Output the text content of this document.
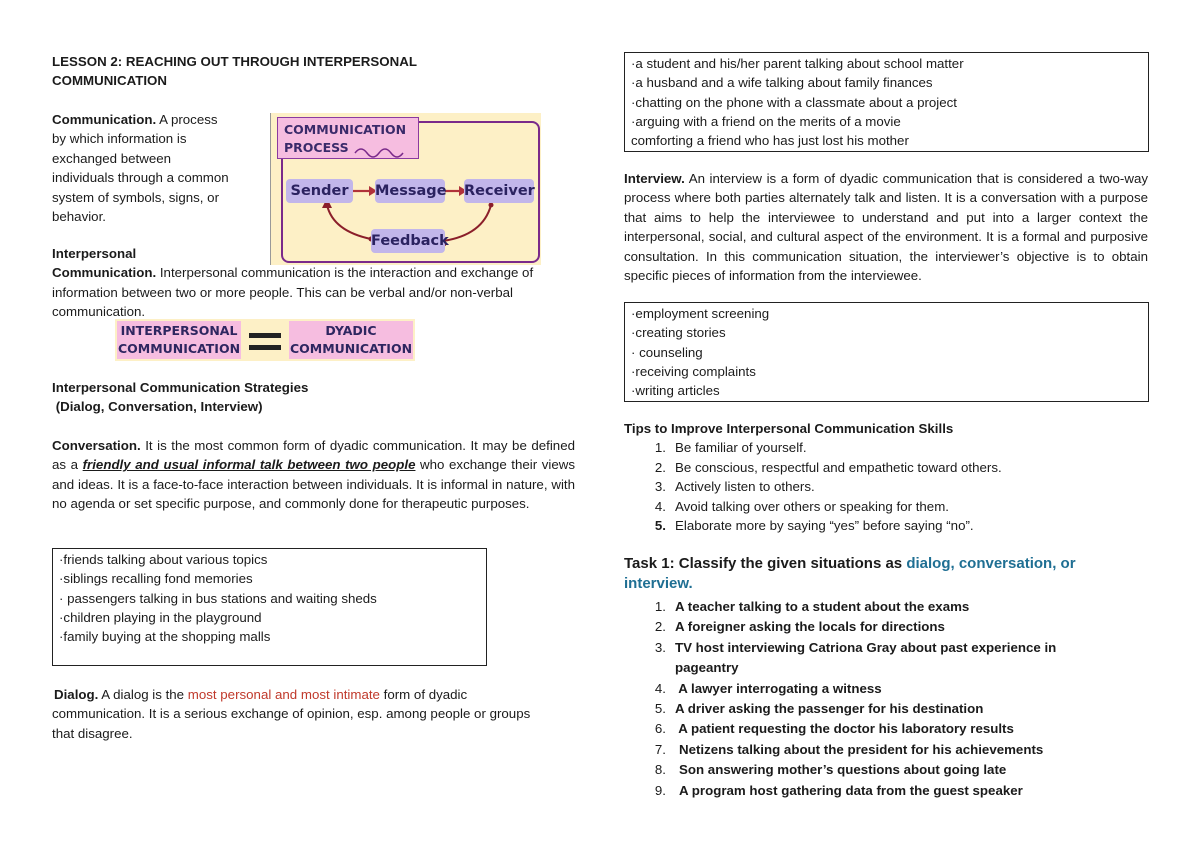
LESSON 2: REACHING OUT THROUGH INTERPERSONAL
COMMUNICATION
Communication. A process
by which information is
exchanged between
individuals through a common
system of symbols, signs, or
behavior.
COMMUNICATION
PROCESS
Sender	Message Receiver
Feedback
Interpersonal
Communication. Interpersonal communication is the interaction and exchange of information between two or more people. This can be verbal and/or non-verbal communication.
INTERPERSONAL
COMMUNICATION
DYADIC
COMMUNICATION
Interpersonal Communication Strategies
(Dialog, Conversation, Interview)
Conversation. It is the most common form of dyadic communication. It may be defined as a friendly and usual informal talk between two people who exchange their views and ideas. It is a face-to-face interaction between individuals. It is informal in nature, with no agenda or set specific purpose, and commonly done for therapeutic purposes.
·friends talking about various topics
·siblings recalling fond memories
· passengers talking in bus stations and waiting sheds
·children playing in the playground
·family buying at the shopping malls
Dialog. A dialog is the most personal and most intimate form of dyadic communication. It is a serious exchange of opinion, esp. among people or groups that disagree.
·a student and his/her parent talking about school matter
·a husband and a wife talking about family finances
·chatting on the phone with a classmate about a project
·arguing with a friend on the merits of a movie
comforting a friend who has just lost his mother
Interview. An interview is a form of dyadic communication that is considered a two-way process where both parties alternately talk and listen. It is a conversation with a purpose that aims to help the interviewee to understand and put into a larger context the interpersonal, social, and cultural aspect of the environment. It is a formal and purposive consultation. In this communication situation, the interviewer’s objective is to obtain specific pieces of information from the interviewee.
·employment screening
·creating stories
· counseling
·receiving complaints
·writing articles
Tips to Improve Interpersonal Communication Skills
1. Be familiar of yourself.
2. Be conscious, respectful and empathetic toward others.
3. Actively listen to others.
4. Avoid talking over others or speaking for them.
5. Elaborate more by saying “yes” before saying “no”.
Task 1: Classify the given situations as dialog, conversation, or interview.
1. A teacher talking to a student about the exams
2. A foreigner asking the locals for directions
3. TV host interviewing Catriona Gray about past experience in pageantry
4. A lawyer interrogating a witness
5. A driver asking the passenger for his destination
6. A patient requesting the doctor his laboratory results
7. Netizens talking about the president for his achievements
8. Son answering mother’s questions about going late
9. A program host gathering data from the guest speaker
